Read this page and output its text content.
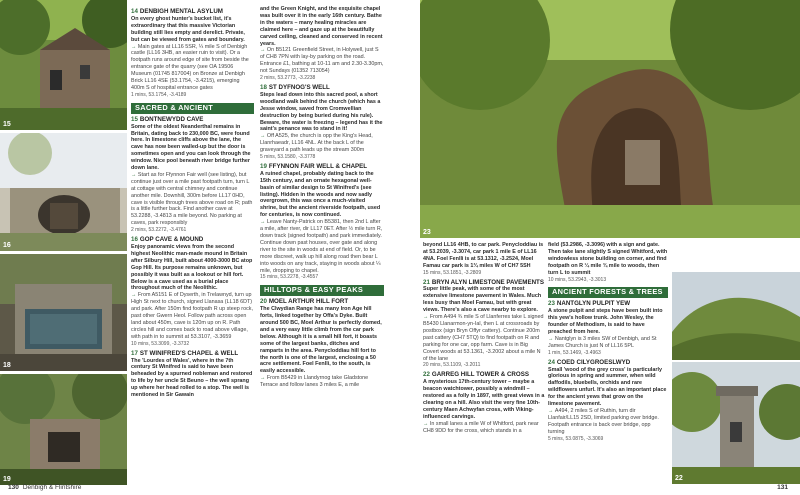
15
16
18
19
14 DENBIGH MENTAL ASYLUM
On every ghost hunter's bucket list, it's extraordinary that this massive Victorian building still lies empty and derelict. Private, but can be viewed from gates and boundary.
→ Main gates at LL16 5SR, ¼ mile S of Denbigh castle (LL16 3HB, an easier ruin to visit). Or a footpath runs around edge of site from beside the entrance gate of the quarry (see OA 19506 Museum (01745 817004) on Bronze at Denbigh Brick LL16 4SE (53.1754, -3.4215), emerging 400m S of hospital entrance gates
1 mins, 53.1754, -3.4189
SACRED & ANCIENT
15 BONTNEWYDD CAVE
Some of the oldest Neanderthal remains in Britain, dating back to 230,000 BC, were found here. In limestone cliffs above the lane, the cave has now been walled-up but the door is sometimes open and you can look through the window. Nice pool beneath river bridge further down lane.
→ Start as for Ffynnon Fair well (see listing), but continue just over a mile past footpath turn, turn L at cottage with central chimney and continue another mile. Downhill, 300m before LL17 0HD, cave is visible through trees above road on R; path is a little further back. Find another cave at 53.2288, -3.4813 a mile beyond. No parking at caves, park responsibly
2 mins, 53.2272, -3.4761
16 GOP CAVE & MOUND
Enjoy panoramic views from the second highest Neolithic man-made mound in Britain after Silbury Hill, built about 4000-3000 BC atop Gop Hill. Its purpose remains unknown, but possibly it was built as a lookout or hill fort. Below is a cave used as a burial place throughout much of the Neolithic.
→ From A5151 E of Dyserth, in Trelawnyd, turn up High St next to church, signed Llanasa (LL18 6DT) and park. After 150m find footpath R up steep rock, past other Gwern Heol. Follow path across open land about 450m, cave is 120m up on R. Path circles hill and comes back to road above village, with path in to summit at 53.3107, -3.3659
10 mins, 53.3099, -3.3732
17 ST WINIFRED'S CHAPEL & WELL
The 'Lourdes of Wales', where in the 7th century St Winifred is said to have been beheaded by a spurned nobleman and restored to life by her uncle St Beuno – the well sprang up where her head rolled to a stop. The well is mentioned in Sir Gawain
and the Green Knight, and the exquisite chapel was built over it in the early 16th century. Bathe in the waters – many healing miracles are claimed here – and gaze up at the beautifully carved ceiling, cleaned and conserved in recent years.
→ On B5121 Greenfield Street, in Holywell, just S of CH8 7PN with lay-by parking on the road. Entrance £1, bathing at 10-11 am and 2.30-3.30pm, not Sundays (01352 713054)
2 mins, 53.2773, -3.2238
18 ST DYFNOG'S WELL
Steps lead down into this sacred pool, a short woodland walk behind the church (which has a Jesse window, saved from Cromwellian destruction by being buried during his rule). Beware, the water is freezing – legend has it the saint's penance was to stand in it!
→ Off A525, the church is opp the King's Head, Llanrhaeadr, LL16 4NL. At the back L of the graveyard a path leads up the stream 300m
5 mins, 53.1580, -3.3778
19 FFYNNON FAIR WELL & CHAPEL
A ruined chapel, probably dating back to the 15th century, and an ornate hexagonal well-basin of similar design to St Winifred's (see listing). Hidden in the woods and now sadly overgrown, this was once a much-visited shrine, but the ancient riverside footpath, used for centuries, is now continued.
→ Leave Nanty-Patrick on B5381, then 2nd L after a mile, after river, dir LL17 0ET. After ½ mile turn R, down track (signed footpath) and park immediately. Continue down past houses, over gate and along river to the site in woods at end of field. Or, to be more discreet, walk up hill along road then bear L into woods on any track, staying in woods about ¼ mile, dropping to chapel.
15 mins, 53.2278, -3.4557
HILLTOPS & EASY PEAKS
20 MOEL ARTHUR HILL FORT
The Clwydian Range has many Iron Age hill forts, linked together by Offa's Dyke. Built around 500 BC, Moel Arthur is perfectly domed, and a very easy little climb from the car park below. Although it is a small hill fort, it boasts some of the largest banks, ditches and ramparts in the area. Penycloddiau hill fort to the north is one of the largest, enclosing a 50 acre settlement. Foel Fenlli, to the south, is easily accessible.
→ From B5429 in Llandyrnog take Gladstone Terrace and follow lanes 3 miles E, a mile
130 Denbigh & Flintshire
23
beyond LL16 4HB, to car park. Penycloddiau is at 53.2039, -3.3074, car park 1 mile E of LL16 4NA. Foel Fenlli is at 53.1312, -3.2524, Moel Famau car park is 1¾ miles W of CH7 5SH
15 mins, 53.1851, -3.2809
21 BRYN ALYN LIMESTONE PAVEMENTS
Super little peak, with some of the most extensive limestone pavement in Wales. Much less busy than Moel Famau, but with great views. There's also a cave nearby to explore.
→ From A494 ¾ mile S of Llanferres take L signed B5430 Llanarmon-yn-Ial, then L at crossroads by postbox (sign Bryn Offyr cattery). Continue 200m past cattery (CH7 5TQ) to find footpath on R and parking for one car, opp farm. Cave is in Big Covert woods at 53.1361, -3.2002 about a mile N of the lane
20 mins, 53.1109, -3.2011
22 GARREG HILL TOWER & CROSS
A mysterious 17th-century tower – maybe a beacon watchtower, possibly a windmill – restored as a folly in 1897, with great views in a clearing on a hill. Also visit the very fine 10th-century Maen Achwyfan cross, with Viking-influenced carvings.
→ In small lanes a mile W of Whitford, park near CH8 9DD for the cross, which stands in a
field (53.2986, -3.3096) with a sign and gate. Then take lane slightly S signed Whitford, with windowless stone building on corner, and find footpath on R ¼ mile ¾ mile to woods, then turn L to summit
10 mins, 53.2943, -3.3013
ANCIENT FORESTS & TREES
23 NANTGLYN PULPIT YEW
A stone pulpit and steps have been built into this yew's hollow trunk. John Wesley, the founder of Methodism, is said to have preached from here.
→ Nantglyn is 3 miles SW of Denbigh, and St James Church is just N of LL16 5PL
1 min, 53.1469, -3.4963
24 COED CILYGROESLWYD
Small 'wood of the grey cross' is particularly glorious in spring and summer, when wild daffodils, bluebells, orchids and rare wildflowers unfurl. It's also an important place for the ancient yews that grow on the limestone pavement.
→ A494, 2 miles S of Ruthin, turn dir Llanfair/LL15 2SD, limited parking over bridge. Footpath entrance is back over bridge, opp turning
5 mins, 53.0875, -3.3069
22
131
